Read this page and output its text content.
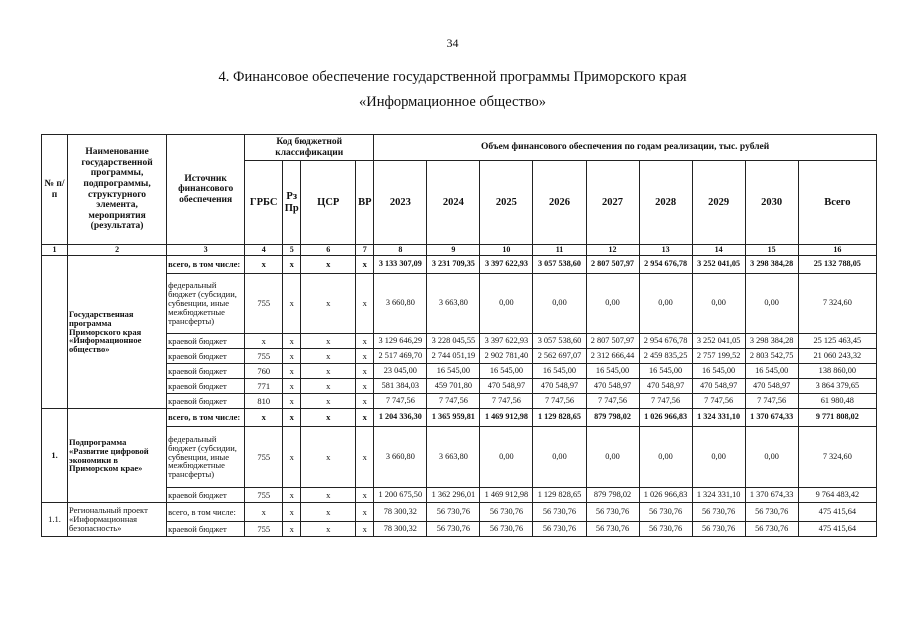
34
4. Финансовое обеспечение государственной программы Приморского края
«Информационное общество»
№ п/п	Наименование государственной программы, подпрограммы, структурного элемента, мероприятия (результата)	Источник финансового обеспечения	Код бюджетной классификации				Объем финансового обеспечения по годам реализации, тыс. рублей								
			ГРБС	Рз Пр	ЦСР	ВР	2023	2024	2025	2026	2027	2028	2029	2030	Всего
1	2	3	4	5	6	7	8	9	10	11	12	13	14	15	16
	Государственная программа Приморского края «Информационное общество»	всего, в том числе:	x	x	x	x	3 133 307,09	3 231 709,35	3 397 622,93	3 057 538,60	2 807 507,97	2 954 676,78	3 252 041,05	3 298 384,28	25 132 788,05
		федеральный бюджет (субсидии, субвенции, иные межбюджетные трансферты)	755	x	x	x	3 660,80	3 663,80	0,00	0,00	0,00	0,00	0,00	0,00	7 324,60
		краевой бюджет	x	x	x	x	3 129 646,29	3 228 045,55	3 397 622,93	3 057 538,60	2 807 507,97	2 954 676,78	3 252 041,05	3 298 384,28	25 125 463,45
		краевой бюджет	755	x	x	x	2 517 469,70	2 744 051,19	2 902 781,40	2 562 697,07	2 312 666,44	2 459 835,25	2 757 199,52	2 803 542,75	21 060 243,32
		краевой бюджет	760	x	x	x	23 045,00	16 545,00	16 545,00	16 545,00	16 545,00	16 545,00	16 545,00	16 545,00	138 860,00
		краевой бюджет	771	x	x	x	581 384,03	459 701,80	470 548,97	470 548,97	470 548,97	470 548,97	470 548,97	470 548,97	3 864 379,65
		краевой бюджет	810	x	x	x	7 747,56	7 747,56	7 747,56	7 747,56	7 747,56	7 747,56	7 747,56	7 747,56	61 980,48
1.	Подпрограмма «Развитие цифровой экономики в Приморском крае»	всего, в том числе:	x	x	x	x	1 204 336,30	1 365 959,81	1 469 912,98	1 129 828,65	879 798,02	1 026 966,83	1 324 331,10	1 370 674,33	9 771 808,02
		федеральный бюджет (субсидии, субвенции, иные межбюджетные трансферты)	755	x	x	x	3 660,80	3 663,80	0,00	0,00	0,00	0,00	0,00	0,00	7 324,60
		краевой бюджет	755	x	x	x	1 200 675,50	1 362 296,01	1 469 912,98	1 129 828,65	879 798,02	1 026 966,83	1 324 331,10	1 370 674,33	9 764 483,42
1.1.	Региональный проект «Информационная безопасность»	всего, в том числе:	x	x	x	x	78 300,32	56 730,76	56 730,76	56 730,76	56 730,76	56 730,76	56 730,76	56 730,76	475 415,64
		краевой бюджет	755	x	x	x	78 300,32	56 730,76	56 730,76	56 730,76	56 730,76	56 730,76	56 730,76	56 730,76	475 415,64
